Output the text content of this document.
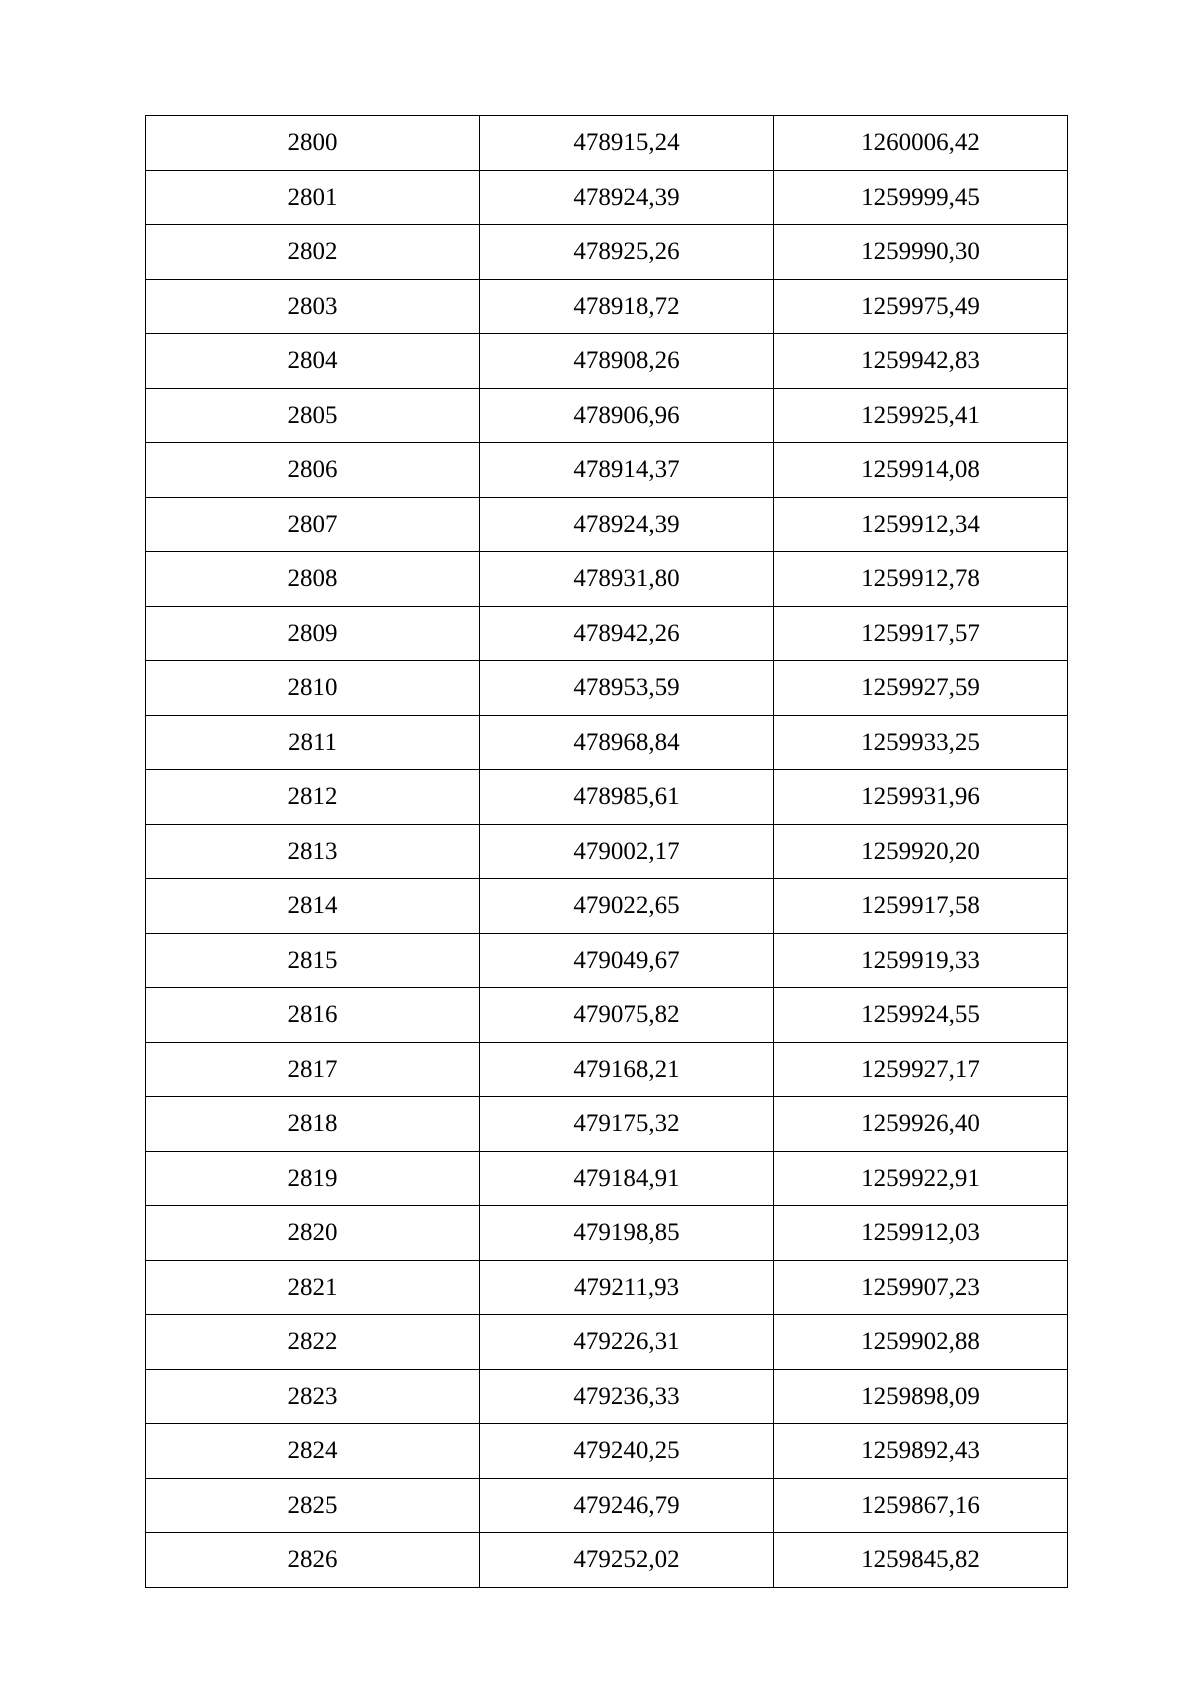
2800	478915,24	1260006,42
2801	478924,39	1259999,45
2802	478925,26	1259990,30
2803	478918,72	1259975,49
2804	478908,26	1259942,83
2805	478906,96	1259925,41
2806	478914,37	1259914,08
2807	478924,39	1259912,34
2808	478931,80	1259912,78
2809	478942,26	1259917,57
2810	478953,59	1259927,59
2811	478968,84	1259933,25
2812	478985,61	1259931,96
2813	479002,17	1259920,20
2814	479022,65	1259917,58
2815	479049,67	1259919,33
2816	479075,82	1259924,55
2817	479168,21	1259927,17
2818	479175,32	1259926,40
2819	479184,91	1259922,91
2820	479198,85	1259912,03
2821	479211,93	1259907,23
2822	479226,31	1259902,88
2823	479236,33	1259898,09
2824	479240,25	1259892,43
2825	479246,79	1259867,16
2826	479252,02	1259845,82
